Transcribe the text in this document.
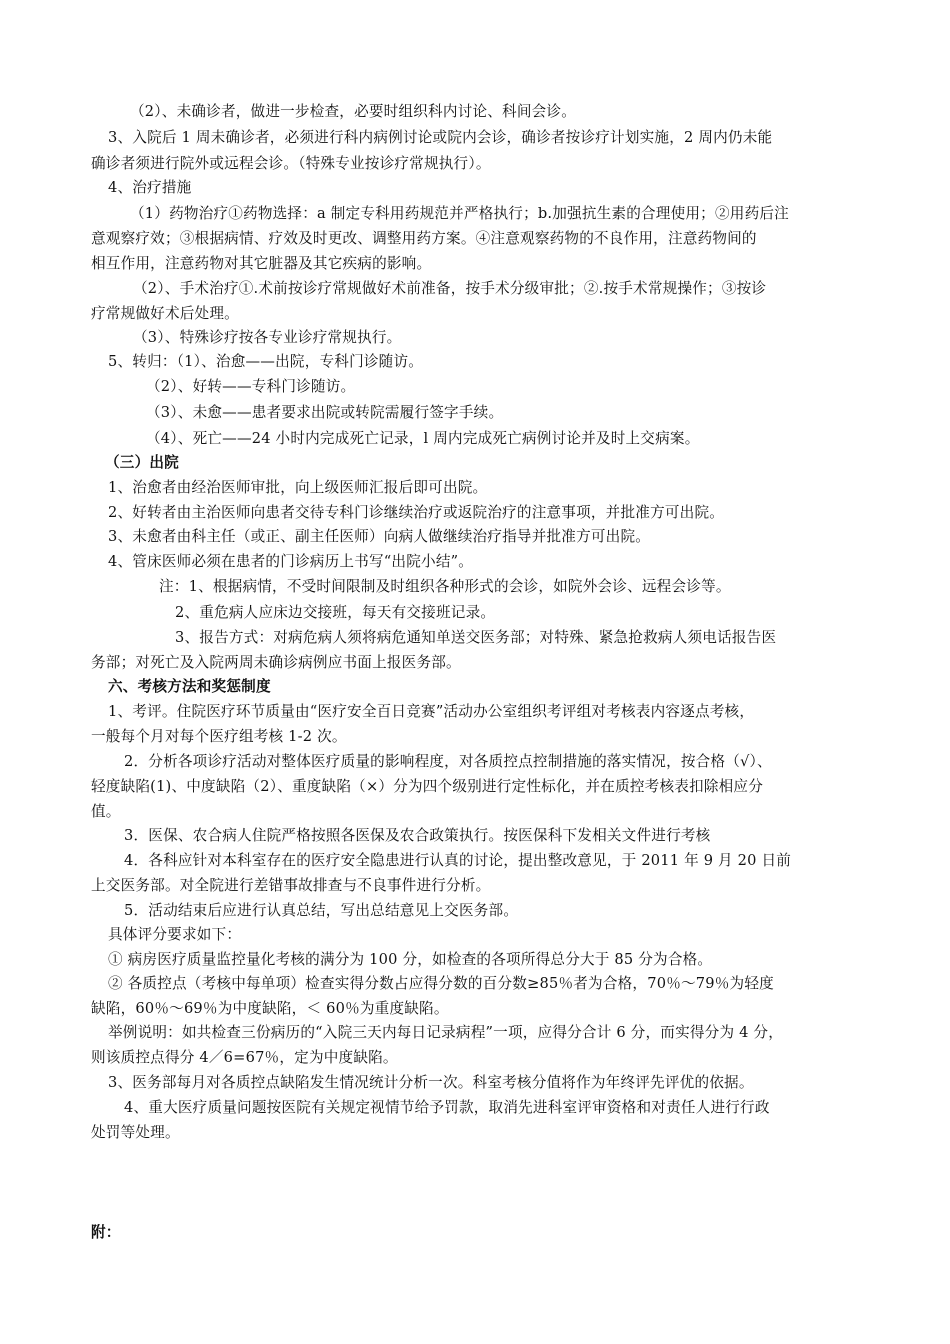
（2）、未确诊者，做进一步检查，必要时组织科内讨论、科间会诊。
3、入院后 1 周未确诊者，必须进行科内病例讨论或院内会诊，确诊者按诊疗计划实施，2 周内仍未能
确诊者须进行院外或远程会诊。（特殊专业按诊疗常规执行）。
4、治疗措施
（1）药物治疗①药物选择：a 制定专科用药规范并严格执行；b.加强抗生素的合理使用；②用药后注
意观察疗效；③根据病情、疗效及时更改、调整用药方案。④注意观察药物的不良作用，注意药物间的
相互作用，注意药物对其它脏器及其它疾病的影响。
（2）、手术治疗①.术前按诊疗常规做好术前准备，按手术分级审批；②.按手术常规操作；③按诊
疗常规做好术后处理。
（3）、特殊诊疗按各专业诊疗常规执行。
5、转归：（1）、治愈——出院，专科门诊随访。
（2）、好转——专科门诊随访。
（3）、未愈——患者要求出院或转院需履行签字手续。
（4）、死亡——24 小时内完成死亡记录，l 周内完成死亡病例讨论并及时上交病案。
（三）出院
1、治愈者由经治医师审批，向上级医师汇报后即可出院。
2、好转者由主治医师向患者交待专科门诊继续治疗或返院治疗的注意事项，并批准方可出院。
3、未愈者由科主任（或正、副主任医师）向病人做继续治疗指导并批准方可出院。
4、管床医师必须在患者的门诊病历上书写“出院小结”。
注：1、根据病情，不受时间限制及时组织各种形式的会诊，如院外会诊、远程会诊等。
2、重危病人应床边交接班，每天有交接班记录。
3、报告方式：对病危病人须将病危通知单送交医务部；对特殊、紧急抢救病人须电话报告医
务部；对死亡及入院两周未确诊病例应书面上报医务部。
六、考核方法和奖惩制度
1、考评。住院医疗环节质量由“医疗安全百日竞赛”活动办公室组织考评组对考核表内容逐点考核，
一般每个月对每个医疗组考核 1-2 次。
2．分析各项诊疗活动对整体医疗质量的影响程度，对各质控点控制措施的落实情况，按合格（√）、
轻度缺陷(1)、中度缺陷（2）、重度缺陷（×）分为四个级别进行定性标化，并在质控考核表扣除相应分
值。
3．医保、农合病人住院严格按照各医保及农合政策执行。按医保科下发相关文件进行考核
4．各科应针对本科室存在的医疗安全隐患进行认真的讨论，提出整改意见，于 2011 年 9 月 20 日前
上交医务部。对全院进行差错事故排查与不良事件进行分析。
5．活动结束后应进行认真总结，写出总结意见上交医务部。
具体评分要求如下：
① 病房医疗质量监控量化考核的满分为 100 分，如检查的各项所得总分大于 85 分为合格。
② 各质控点（考核中每单项）检查实得分数占应得分数的百分数≥85％者为合格，70％～79％为轻度
缺陷，60％～69％为中度缺陷，＜ 60％为重度缺陷。
举例说明：如共检查三份病历的“入院三天内每日记录病程”一项，应得分合计 6 分，而实得分为 4 分，
则该质控点得分 4／6=67％，定为中度缺陷。
3、医务部每月对各质控点缺陷发生情况统计分析一次。科室考核分值将作为年终评先评优的依据。
4、重大医疗质量问题按医院有关规定视情节给予罚款，取消先进科室评审资格和对责任人进行行政
处罚等处理。
附：
